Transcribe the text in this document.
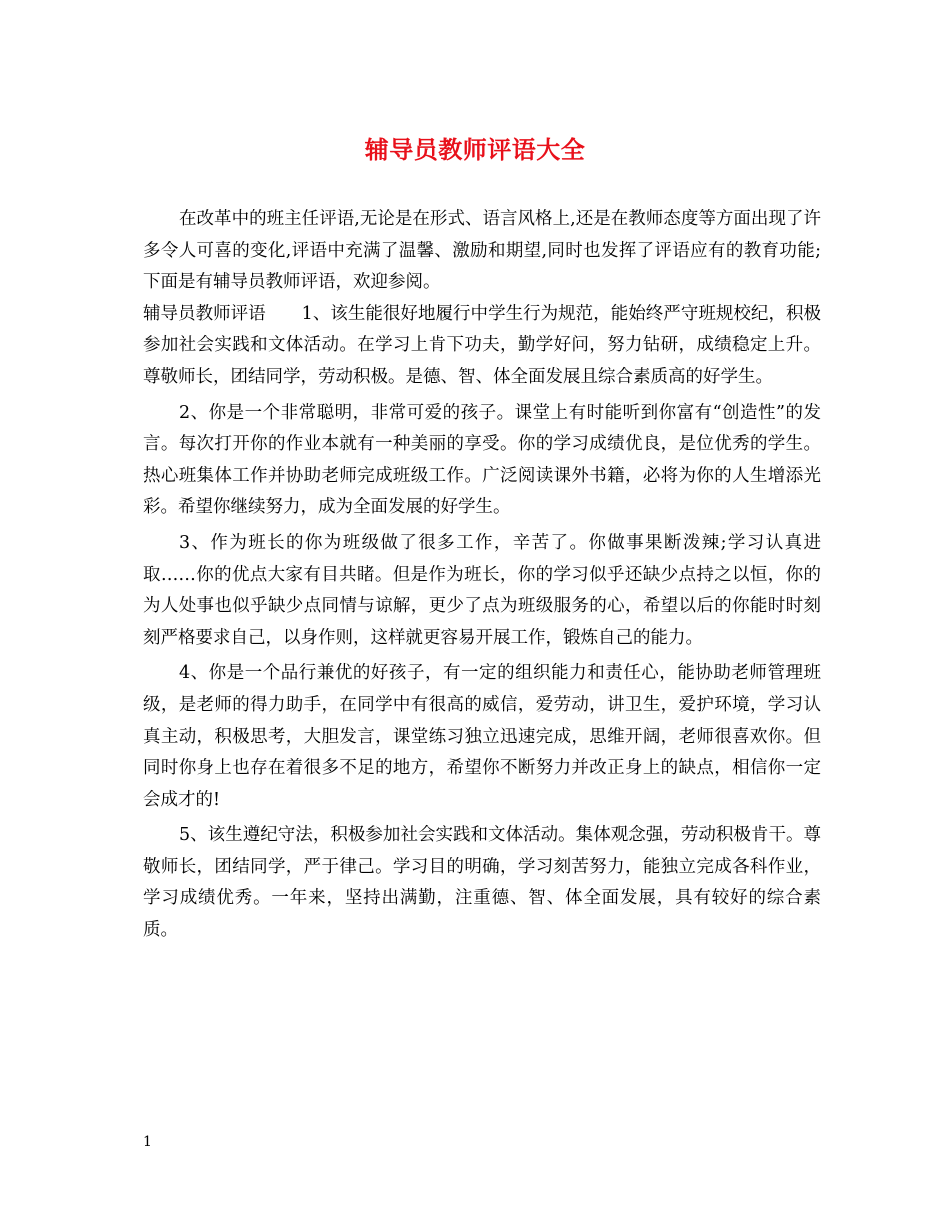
辅导员教师评语大全

在改革中的班主任评语,无论是在形式、语言风格上,还是在教师态度等方面出现了许多令人可喜的变化,评语中充满了温馨、激励和期望,同时也发挥了评语应有的教育功能;下面是有辅导员教师评语，欢迎参阅。

辅导员教师评语 1、该生能很好地履行中学生行为规范，能始终严守班规校纪，积极参加社会实践和文体活动。在学习上肯下功夫，勤学好问，努力钻研，成绩稳定上升。尊敬师长，团结同学，劳动积极。是德、智、体全面发展且综合素质高的好学生。

2、你是一个非常聪明，非常可爱的孩子。课堂上有时能听到你富有“创造性”的发言。每次打开你的作业本就有一种美丽的享受。你的学习成绩优良，是位优秀的学生。热心班集体工作并协助老师完成班级工作。广泛阅读课外书籍，必将为你的人生增添光彩。希望你继续努力，成为全面发展的好学生。

3、作为班长的你为班级做了很多工作，辛苦了。你做事果断泼辣;学习认真进取……你的优点大家有目共睹。但是作为班长，你的学习似乎还缺少点持之以恒，你的为人处事也似乎缺少点同情与谅解，更少了点为班级服务的心，希望以后的你能时时刻刻严格要求自己，以身作则，这样就更容易开展工作，锻炼自己的能力。

4、你是一个品行兼优的好孩子，有一定的组织能力和责任心，能协助老师管理班级，是老师的得力助手，在同学中有很高的威信，爱劳动，讲卫生，爱护环境，学习认真主动，积极思考，大胆发言，课堂练习独立迅速完成，思维开阔，老师很喜欢你。但同时你身上也存在着很多不足的地方，希望你不断努力并改正身上的缺点，相信你一定会成才的!

5、该生遵纪守法，积极参加社会实践和文体活动。集体观念强，劳动积极肯干。尊敬师长，团结同学，严于律己。学习目的明确，学习刻苦努力，能独立完成各科作业，学习成绩优秀。一年来，坚持出满勤，注重德、智、体全面发展，具有较好的综合素质。

1
